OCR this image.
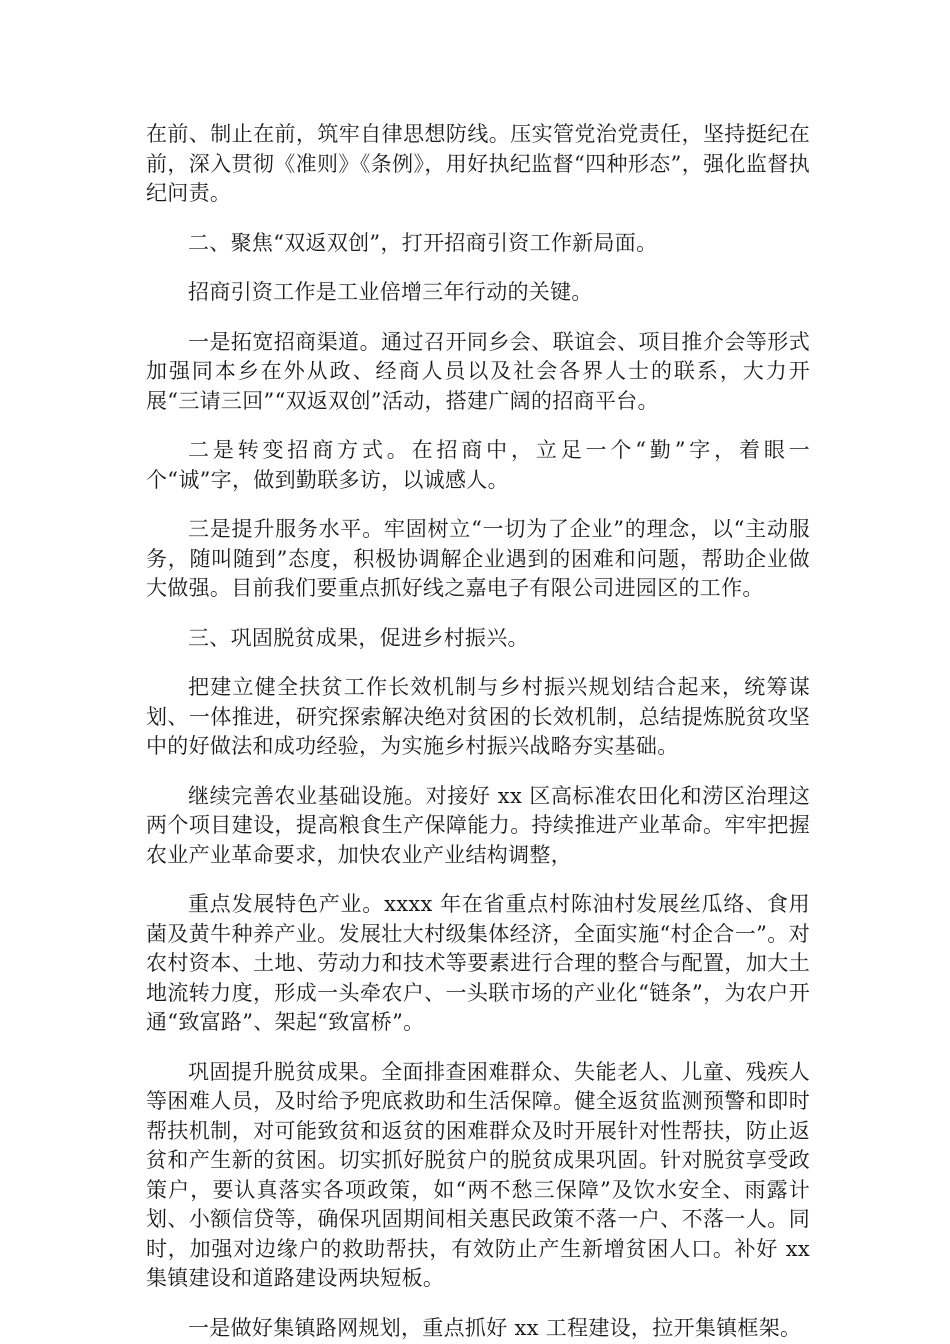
在前、制止在前，筑牢自律思想防线。压实管党治党责任，坚持挺纪在前，深入贯彻《准则》《条例》，用好执纪监督“四种形态”，强化监督执纪问责。

二、聚焦“双返双创”，打开招商引资工作新局面。

招商引资工作是工业倍增三年行动的关键。

一是拓宽招商渠道。通过召开同乡会、联谊会、项目推介会等形式加强同本乡在外从政、经商人员以及社会各界人士的联系，大力开展“三请三回”“双返双创”活动，搭建广阔的招商平台。

二是转变招商方式。在招商中，立足一个“勤”字，着眼一个“诚”字，做到勤联多访，以诚感人。

三是提升服务水平。牢固树立“一切为了企业”的理念，以“主动服务，随叫随到”态度，积极协调解企业遇到的困难和问题，帮助企业做大做强。目前我们要重点抓好线之嘉电子有限公司进园区的工作。

三、巩固脱贫成果，促进乡村振兴。

把建立健全扶贫工作长效机制与乡村振兴规划结合起来，统筹谋划、一体推进，研究探索解决绝对贫困的长效机制，总结提炼脱贫攻坚中的好做法和成功经验，为实施乡村振兴战略夯实基础。

继续完善农业基础设施。对接好 xx 区高标准农田化和涝区治理这两个项目建设，提高粮食生产保障能力。持续推进产业革命。牢牢把握农业产业革命要求，加快农业产业结构调整，

重点发展特色产业。xxxx 年在省重点村陈油村发展丝瓜络、食用菌及黄牛种养产业。发展壮大村级集体经济，全面实施“村企合一”。对农村资本、土地、劳动力和技术等要素进行合理的整合与配置，加大土地流转力度，形成一头牵农户、一头联市场的产业化“链条”，为农户开通“致富路”、架起“致富桥”。

巩固提升脱贫成果。全面排查困难群众、失能老人、儿童、残疾人等困难人员，及时给予兜底救助和生活保障。健全返贫监测预警和即时帮扶机制，对可能致贫和返贫的困难群众及时开展针对性帮扶，防止返贫和产生新的贫困。切实抓好脱贫户的脱贫成果巩固。针对脱贫享受政策户，要认真落实各项政策，如“两不愁三保障”及饮水安全、雨露计划、小额信贷等，确保巩固期间相关惠民政策不落一户、不落一人。同时，加强对边缘户的救助帮扶，有效防止产生新增贫困人口。补好 xx 集镇建设和道路建设两块短板。

一是做好集镇路网规划，重点抓好 xx 工程建设，拉开集镇框架。
